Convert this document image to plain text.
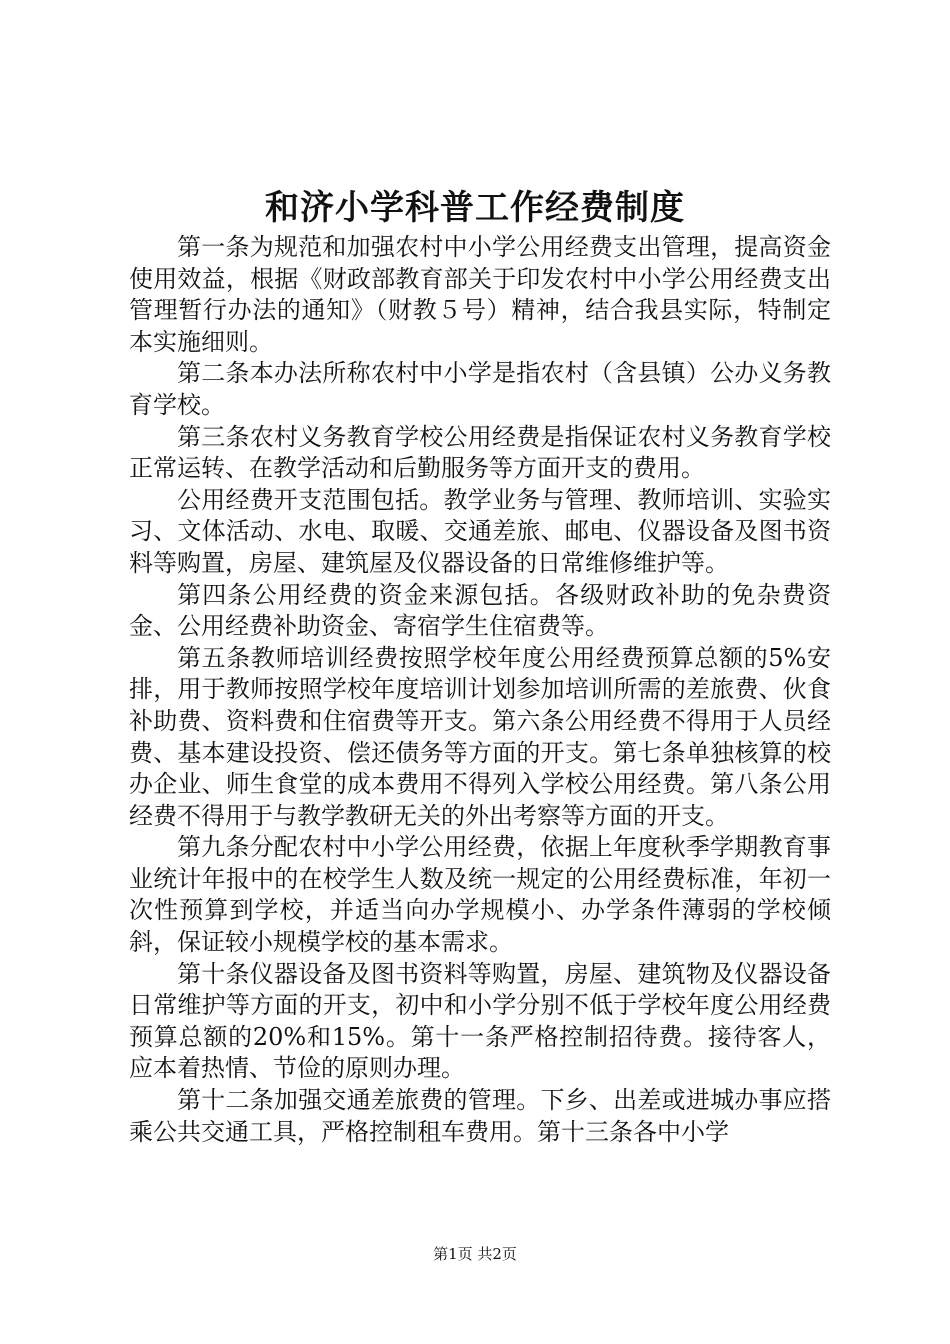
和济小学科普工作经费制度

第一条为规范和加强农村中小学公用经费支出管理，提高资金使用效益，根据《财政部教育部关于印发农村中小学公用经费支出管理暂行办法的通知》（财教５号）精神，结合我县实际，特制定本实施细则。

第二条本办法所称农村中小学是指农村（含县镇）公办义务教育学校。

第三条农村义务教育学校公用经费是指保证农村义务教育学校正常运转、在教学活动和后勤服务等方面开支的费用。

公用经费开支范围包括。教学业务与管理、教师培训、实验实习、文体活动、水电、取暖、交通差旅、邮电、仪器设备及图书资料等购置，房屋、建筑屋及仪器设备的日常维修维护等。

第四条公用经费的资金来源包括。各级财政补助的免杂费资金、公用经费补助资金、寄宿学生住宿费等。

第五条教师培训经费按照学校年度公用经费预算总额的5%安排，用于教师按照学校年度培训计划参加培训所需的差旅费、伙食补助费、资料费和住宿费等开支。第六条公用经费不得用于人员经费、基本建设投资、偿还债务等方面的开支。第七条单独核算的校办企业、师生食堂的成本费用不得列入学校公用经费。第八条公用经费不得用于与教学教研无关的外出考察等方面的开支。

第九条分配农村中小学公用经费，依据上年度秋季学期教育事业统计年报中的在校学生人数及统一规定的公用经费标准，年初一次性预算到学校，并适当向办学规模小、办学条件薄弱的学校倾斜，保证较小规模学校的基本需求。

第十条仪器设备及图书资料等购置，房屋、建筑物及仪器设备日常维护等方面的开支，初中和小学分别不低于学校年度公用经费预算总额的20%和15%。第十一条严格控制招待费。接待客人，应本着热情、节俭的原则办理。

第十二条加强交通差旅费的管理。下乡、出差或进城办事应搭乘公共交通工具，严格控制租车费用。第十三条各中小学

第1页 共2页
